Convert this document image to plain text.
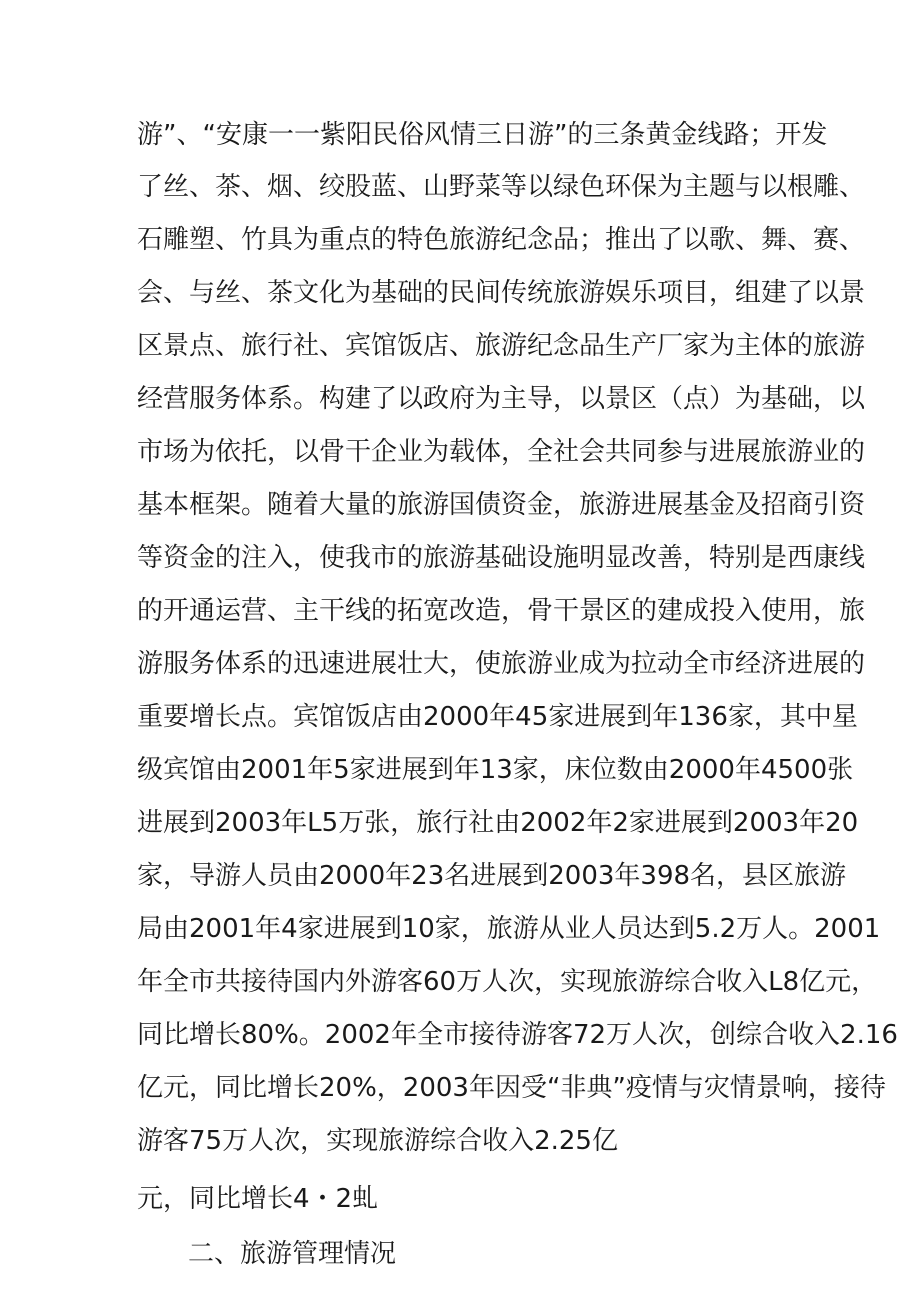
游”、“安康一一紫阳民俗风情三日游”的三条黄金线路；开发
了丝、茶、烟、绞股蓝、山野菜等以绿色环保为主题与以根雕、
石雕塑、竹具为重点的特色旅游纪念品；推出了以歌、舞、赛、
会、与丝、茶文化为基础的民间传统旅游娱乐项目，组建了以景
区景点、旅行社、宾馆饭店、旅游纪念品生产厂家为主体的旅游
经营服务体系。构建了以政府为主导，以景区（点）为基础，以
市场为依托，以骨干企业为载体，全社会共同参与进展旅游业的
基本框架。随着大量的旅游国债资金，旅游进展基金及招商引资
等资金的注入，使我市的旅游基础设施明显改善，特别是西康线
的开通运营、主干线的拓宽改造，骨干景区的建成投入使用，旅
游服务体系的迅速进展壮大，使旅游业成为拉动全市经济进展的
重要增长点。宾馆饭店由2000年45家进展到年136家，其中星
级宾馆由2001年5家进展到年13家，床位数由2000年4500张
进展到2003年L5万张，旅行社由2002年2家进展到2003年20
家，导游人员由2000年23名进展到2003年398名，县区旅游
局由2001年4家进展到10家，旅游从业人员达到5.2万人。2001
年全市共接待国内外游客60万人次，实现旅游综合收入L8亿元，
同比增长80%。2002年全市接待游客72万人次，创综合收入2.16
亿元，同比增长20%，2003年因受“非典”疫情与灾情景响，接待
游客75万人次，实现旅游综合收入2.25亿
元，同比增长4・2虬
二、旅游管理情况
